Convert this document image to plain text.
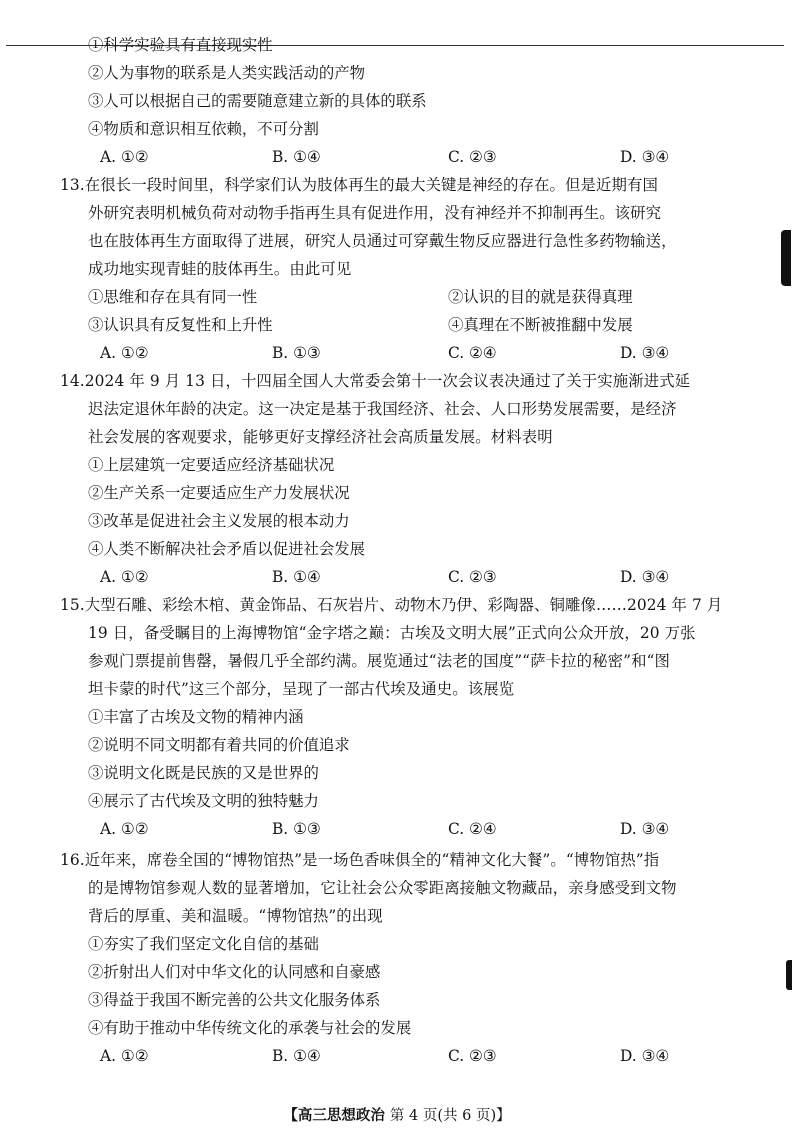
①科学实验具有直接现实性
②人为事物的联系是人类实践活动的产物
③人可以根据自己的需要随意建立新的具体的联系
④物质和意识相互依赖，不可分割
A. ①②	B. ①④	C. ②③	D. ③④
13.在很长一段时间里，科学家们认为肢体再生的最大关键是神经的存在。但是近期有国
外研究表明机械负荷对动物手指再生具有促进作用，没有神经并不抑制再生。该研究
也在肢体再生方面取得了进展，研究人员通过可穿戴生物反应器进行急性多药物输送，
成功地实现青蛙的肢体再生。由此可见
①思维和存在具有同一性	②认识的目的就是获得真理
③认识具有反复性和上升性	④真理在不断被推翻中发展
A. ①②	B. ①③	C. ②④	D. ③④
14.2024 年 9 月 13 日，十四届全国人大常委会第十一次会议表决通过了关于实施渐进式延
迟法定退休年龄的决定。这一决定是基于我国经济、社会、人口形势发展需要，是经济
社会发展的客观要求，能够更好支撑经济社会高质量发展。材料表明
①上层建筑一定要适应经济基础状况
②生产关系一定要适应生产力发展状况
③改革是促进社会主义发展的根本动力
④人类不断解决社会矛盾以促进社会发展
A. ①②	B. ①④	C. ②③	D. ③④
15.大型石雕、彩绘木棺、黄金饰品、石灰岩片、动物木乃伊、彩陶器、铜雕像……2024 年 7 月
19 日，备受瞩目的上海博物馆“金字塔之巅：古埃及文明大展”正式向公众开放，20 万张
参观门票提前售罄，暑假几乎全部约满。展览通过“法老的国度”“萨卡拉的秘密”和“图
坦卡蒙的时代”这三个部分，呈现了一部古代埃及通史。该展览
①丰富了古埃及文物的精神内涵
②说明不同文明都有着共同的价值追求
③说明文化既是民族的又是世界的
④展示了古代埃及文明的独特魅力
A. ①②	B. ①③	C. ②④	D. ③④
16.近年来，席卷全国的“博物馆热”是一场色香味俱全的“精神文化大餐”。“博物馆热”指
的是博物馆参观人数的显著增加，它让社会公众零距离接触文物藏品，亲身感受到文物
背后的厚重、美和温暖。“博物馆热”的出现
①夯实了我们坚定文化自信的基础
②折射出人们对中华文化的认同感和自豪感
③得益于我国不断完善的公共文化服务体系
④有助于推动中华传统文化的承袭与社会的发展
A. ①②	B. ①④	C. ②③	D. ③④
【高三思想政治 第 4 页(共 6 页)】
